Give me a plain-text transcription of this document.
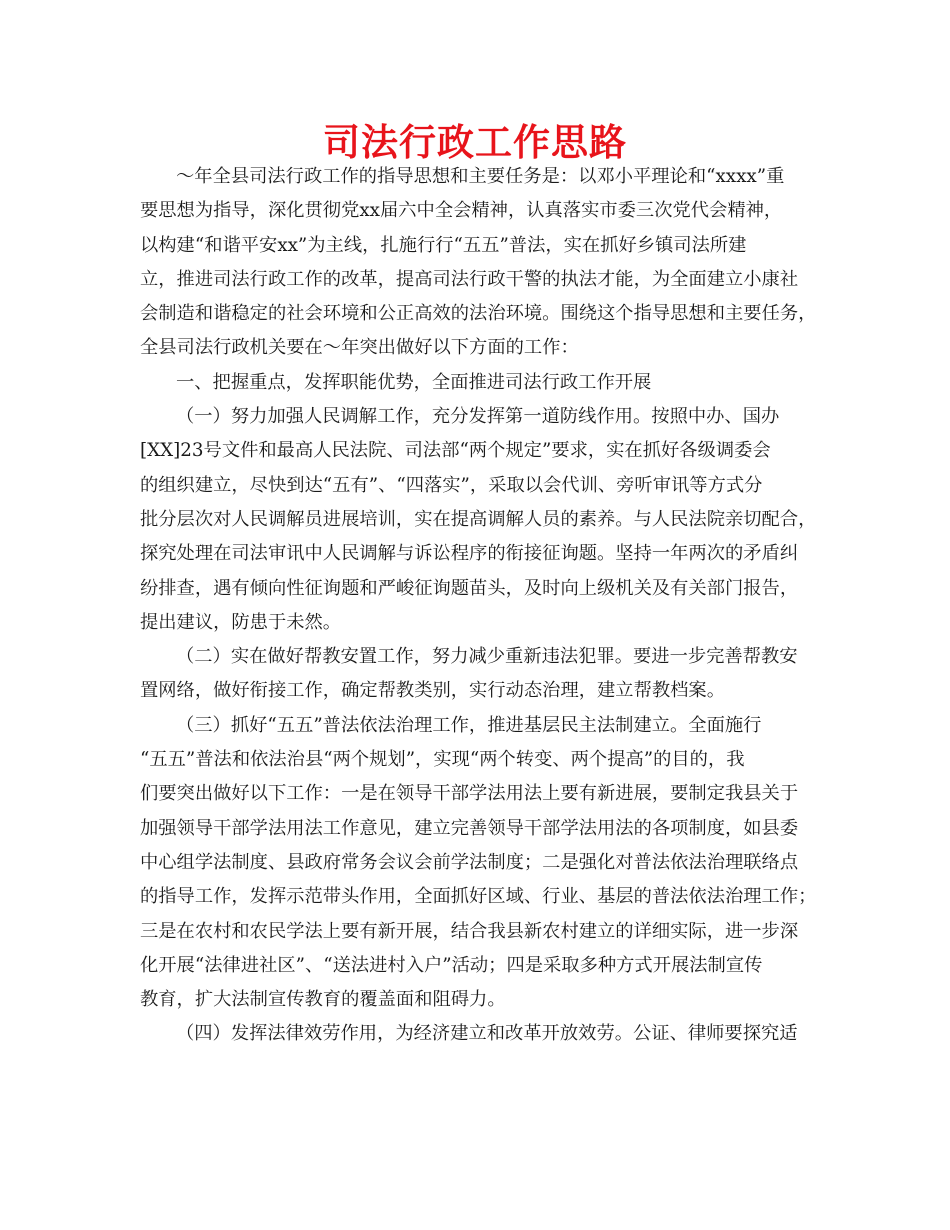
司法行政工作思路
～年全县司法行政工作的指导思想和主要任务是：以邓小平理论和“xxxx”重
要思想为指导，深化贯彻党xx届六中全会精神，认真落实市委三次党代会精神，
以构建“和谐平安xx”为主线，扎施行行“五五”普法，实在抓好乡镇司法所建
立，推进司法行政工作的改革，提高司法行政干警的执法才能，为全面建立小康社
会制造和谐稳定的社会环境和公正高效的法治环境。围绕这个指导思想和主要任务，
全县司法行政机关要在～年突出做好以下方面的工作：
一、把握重点，发挥职能优势，全面推进司法行政工作开展
（一）努力加强人民调解工作，充分发挥第一道防线作用。按照中办、国办
[XX]23号文件和最高人民法院、司法部“两个规定”要求，实在抓好各级调委会
的组织建立，尽快到达“五有”、“四落实”，采取以会代训、旁听审讯等方式分
批分层次对人民调解员进展培训，实在提高调解人员的素养。与人民法院亲切配合，
探究处理在司法审讯中人民调解与诉讼程序的衔接征询题。坚持一年两次的矛盾纠
纷排查，遇有倾向性征询题和严峻征询题苗头，及时向上级机关及有关部门报告，
提出建议，防患于未然。
（二）实在做好帮教安置工作，努力减少重新违法犯罪。要进一步完善帮教安
置网络，做好衔接工作，确定帮教类别，实行动态治理，建立帮教档案。
（三）抓好“五五”普法依法治理工作，推进基层民主法制建立。全面施行
“五五”普法和依法治县“两个规划”，实现“两个转变、两个提高”的目的，我
们要突出做好以下工作：一是在领导干部学法用法上要有新进展，要制定我县关于
加强领导干部学法用法工作意见，建立完善领导干部学法用法的各项制度，如县委
中心组学法制度、县政府常务会议会前学法制度；二是强化对普法依法治理联络点
的指导工作，发挥示范带头作用，全面抓好区域、行业、基层的普法依法治理工作；
三是在农村和农民学法上要有新开展，结合我县新农村建立的详细实际，进一步深
化开展“法律进社区”、“送法进村入户”活动；四是采取多种方式开展法制宣传
教育，扩大法制宣传教育的覆盖面和阻碍力。
（四）发挥法律效劳作用，为经济建立和改革开放效劳。公证、律师要探究适
